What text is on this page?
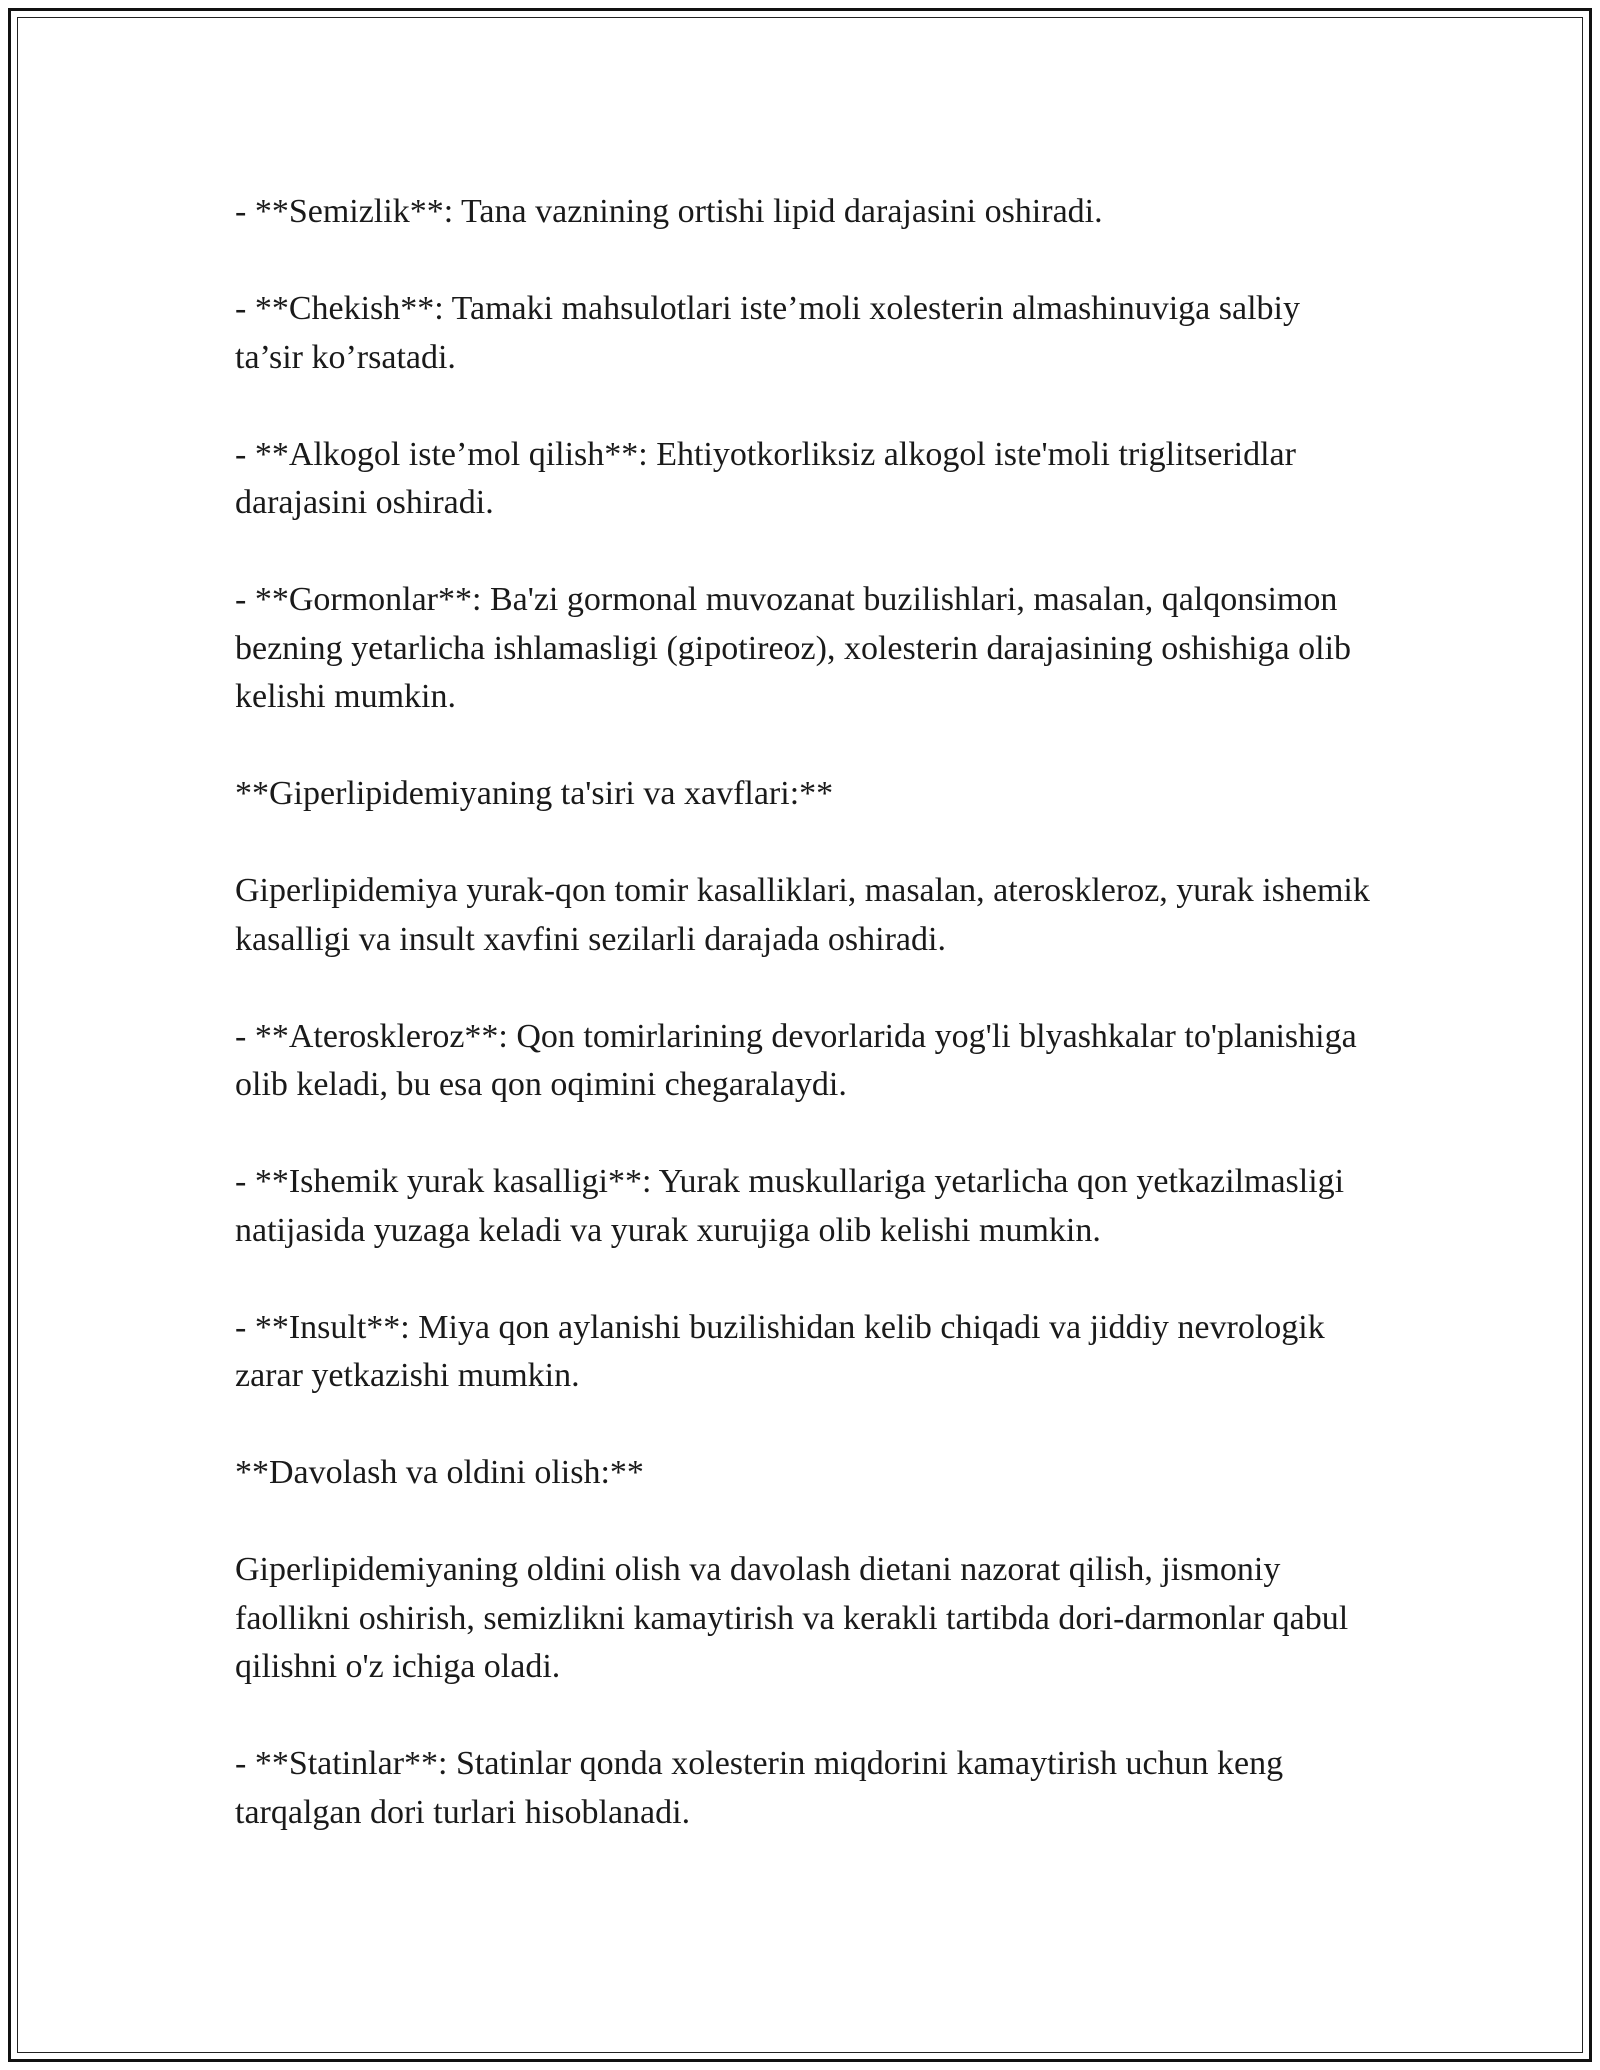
- **Semizlik**: Tana vaznining ortishi lipid darajasini oshiradi.

- **Chekish**: Tamaki mahsulotlari iste’moli xolesterin almashinuviga salbiy ta’sir ko’rsatadi.

- **Alkogol iste’mol qilish**: Ehtiyotkorliksiz alkogol iste'moli triglitseridlar darajasini oshiradi.

- **Gormonlar**: Ba'zi gormonal muvozanat buzilishlari, masalan, qalqonsimon bezning yetarlicha ishlamasligi (gipotireoz), xolesterin darajasining oshishiga olib kelishi mumkin.

**Giperlipidemiyaning ta'siri va xavflari:**

Giperlipidemiya yurak-qon tomir kasalliklari, masalan, ateroskleroz, yurak ishemik kasalligi va insult xavfini sezilarli darajada oshiradi.

- **Ateroskleroz**: Qon tomirlarining devorlarida yog'li blyashkalar to'planishiga olib keladi, bu esa qon oqimini chegaralaydi.

- **Ishemik yurak kasalligi**: Yurak muskullariga yetarlicha qon yetkazilmasligi natijasida yuzaga keladi va yurak xurujiga olib kelishi mumkin.

- **Insult**: Miya qon aylanishi buzilishidan kelib chiqadi va jiddiy nevrologik zarar yetkazishi mumkin.

**Davolash va oldini olish:**

Giperlipidemiyaning oldini olish va davolash dietani nazorat qilish, jismoniy faollikni oshirish, semizlikni kamaytirish va kerakli tartibda dori-darmonlar qabul qilishni o'z ichiga oladi.

- **Statinlar**: Statinlar qonda xolesterin miqdorini kamaytirish uchun keng tarqalgan dori turlari hisoblanadi.
